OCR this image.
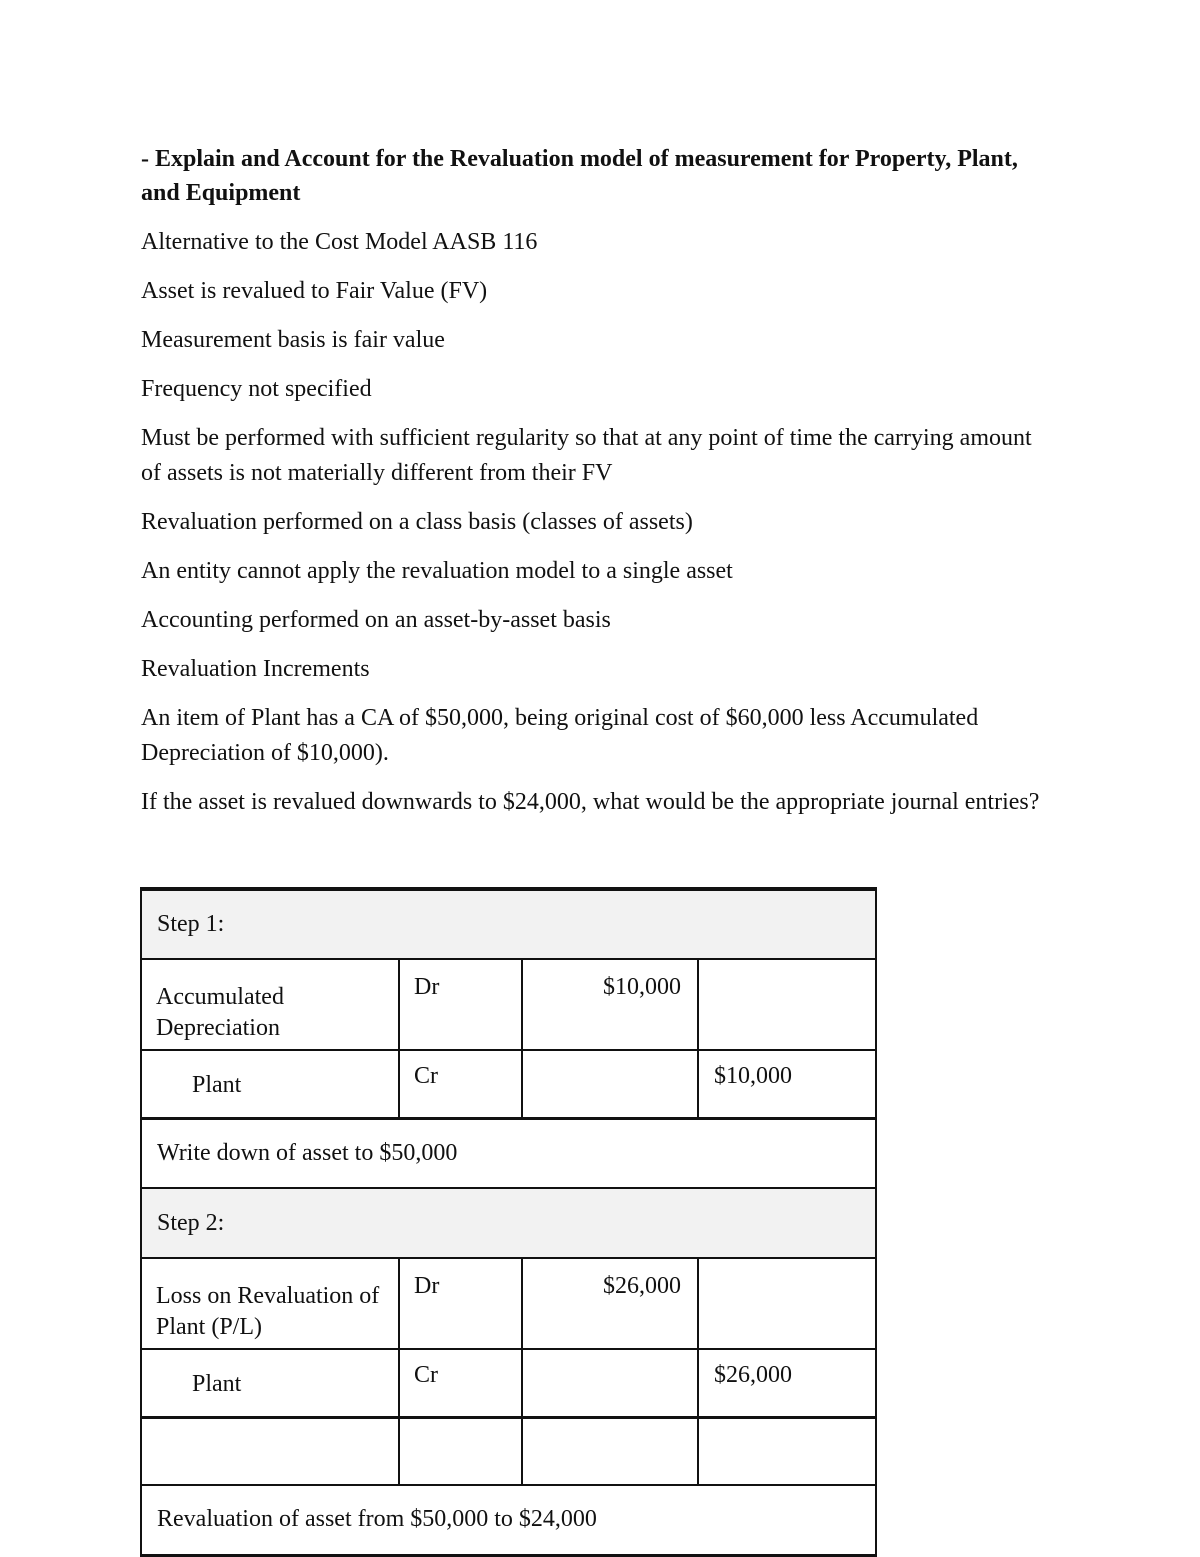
- Explain and Account for the Revaluation model of measurement for Property, Plant, and Equipment
Alternative to the Cost Model AASB 116
Asset is revalued to Fair Value (FV)
Measurement basis is fair value
Frequency not specified
Must be performed with sufficient regularity so that at any point of time the carrying amount of assets is not materially different from their FV
Revaluation performed on a class basis (classes of assets)
An entity cannot apply the revaluation model to a single asset
Accounting performed on an asset-by-asset basis
Revaluation Increments
An item of Plant has a CA of $50,000, being original cost of $60,000 less Accumulated Depreciation of $10,000).
If the asset is revalued downwards to $24,000, what would be the appropriate journal entries?
Step 1:			
Accumulated Depreciation	Dr	$10,000	
Plant	Cr		$10,000
Write down of asset to $50,000			
Step 2:			
Loss on Revaluation of Plant (P/L)	Dr	$26,000	
Plant	Cr		$26,000

Revaluation of asset from $50,000 to $24,000			
